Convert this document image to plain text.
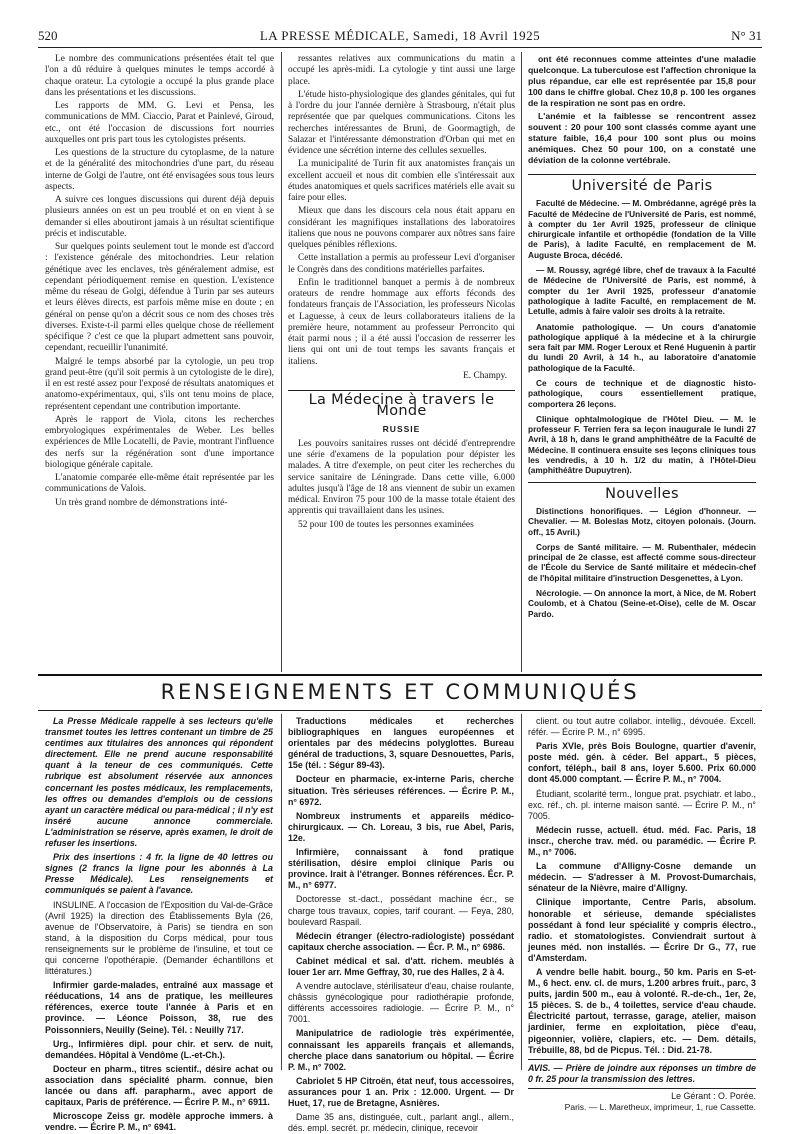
520	LA PRESSE MÉDICALE, Samedi, 18 Avril 1925	N° 31

Le nombre des communications présentées était tel que l'on a dû réduire à quelques minutes le temps accordé à chaque orateur. La cytologie a occupé la plus grande place dans les présentations et les discussions.

Les rapports de MM. G. Levi et Pensa, les communications de MM. Ciaccio, Parat et Painlevé, Giroud, etc., ont été l'occasion de discussions fort nourries auxquelles ont pris part tous les cytologistes présents.

Les questions de la structure du cytoplasme, de la nature et de la généralité des mitochondries d'une part, du réseau interne de Golgi de l'autre, ont été envisagées sous tous leurs aspects.

A suivre ces longues discussions qui durent déjà depuis plusieurs années on est un peu troublé et on en vient à se demander si elles aboutiront jamais à un résultat scientifique précis et indiscutable.

Sur quelques points seulement tout le monde est d'accord : l'existence générale des mitochondries. Leur relation génétique avec les enclaves, très généralement admise, est cependant périodiquement remise en question. L'existence même du réseau de Golgi, défendue à Turin par ses auteurs et leurs élèves directs, est parfois même mise en doute ; en général on pense qu'on a décrit sous ce nom des choses très diverses. Existe-t-il parmi elles quelque chose de réellement spécifique ? c'est ce que la plupart admettent sans pouvoir, cependant, recueillir l'unanimité.

Malgré le temps absorbé par la cytologie, un peu trop grand peut-être (qu'il soit permis à un cytologiste de le dire), il en est resté assez pour l'exposé de résultats anatomiques et anatomo-expérimentaux, qui, s'ils ont tenu moins de place, représentent cependant une contribution importante.

Après le rapport de Viola, citons les recherches embryologiques expérimentales de Weber. Les belles expériences de Mlle Locatelli, de Pavie, montrant l'influence des nerfs sur la régénération sont d'une importance biologique générale capitale.

L'anatomie comparée elle-même était représentée par les communications de Valois.

Un très grand nombre de démonstrations inté-

ressantes relatives aux communications du matin a occupé les après-midi. La cytologie y tint aussi une large place.

L'étude histo-physiologique des glandes génitales, qui fut à l'ordre du jour l'année dernière à Strasbourg, n'était plus représentée que par quelques communications. Citons les recherches intéressantes de Bruni, de Goormagtigh, de Salazar et l'intéressante démonstration d'Orban qui met en évidence une sécrétion interne des cellules sexuelles.

La municipalité de Turin fit aux anatomistes français un excellent accueil et nous dit combien elle s'intéressait aux études anatomiques et quels sacrifices matériels elle avait su faire pour elles.

Mieux que dans les discours cela nous était apparu en considérant les magnifiques installations des laboratoires italiens que nous ne pouvons comparer aux nôtres sans faire quelques pénibles réflexions.

Cette installation a permis au professeur Levi d'organiser le Congrès dans des conditions matérielles parfaites.

Enfin le traditionnel banquet a permis à de nombreux orateurs de rendre hommage aux efforts féconds des fondateurs français de l'Association, les professeurs Nicolas et Laguesse, à ceux de leurs collaborateurs italiens de la première heure, notamment au professeur Perroncito qui était parmi nous ; il a été aussi l'occasion de resserrer les liens qui ont uni de tout temps les savants français et italiens.

E. Champy.
La Médecine à travers le Monde
RUSSIE

Les pouvoirs sanitaires russes ont décidé d'entreprendre une série d'examens de la population pour dépister les malades. A titre d'exemple, on peut citer les recherches du service sanitaire de Léningrade. Dans cette ville, 6.000 adultes jusqu'à l'âge de 18 ans viennent de subir un examen médical. Environ 75 pour 100 de la masse totale étaient des apprentis qui travaillaient dans les usines.

52 pour 100 de toutes les personnes examinées

ont été reconnues comme atteintes d'une maladie quelconque. La tuberculose est l'affection chronique la plus répandue, car elle est représentée par 15,8 pour 100 dans le chiffre global. Chez 10,8 p. 100 les organes de la respiration ne sont pas en ordre.

L'anémie et la faiblesse se rencontrent assez souvent : 20 pour 100 sont classés comme ayant une stature faible, 16,4 pour 100 sont plus ou moins anémiques. Chez 50 pour 100, on a constaté une déviation de la colonne vertébrale.

Université de Paris

Faculté de Médecine. — M. Ombrédanne, agrégé près la Faculté de Médecine de l'Université de Paris, est nommé, à compter du 1er Avril 1925, professeur de clinique chirurgicale infantile et orthopédie (fondation de la Ville de Paris), à ladite Faculté, en remplacement de M. Auguste Broca, décédé.

— M. Roussy, agrégé libre, chef de travaux à la Faculté de Médecine de l'Université de Paris, est nommé, à compter du 1er Avril 1925, professeur d'anatomie pathologique à ladite Faculté, en remplacement de M. Letulle, admis à faire valoir ses droits à la retraite.

Anatomie pathologique. — Un cours d'anatomie pathologique appliqué à la médecine et à la chirurgie sera fait par MM. Roger Leroux et René Huguenin à partir du lundi 20 Avril, à 14 h., au laboratoire d'anatomie pathologique de la Faculté.

Ce cours de technique et de diagnostic histo-pathologique, cours essentiellement pratique, comportera 26 leçons.

Clinique ophtalmologique de l'Hôtel Dieu. — M. le professeur F. Terrien fera sa leçon inaugurale le lundi 27 Avril, à 18 h, dans le grand amphithéâtre de la Faculté de Médecine. Il continuera ensuite ses leçons cliniques tous les vendredis, à 10 h. 1/2 du matin, à l'Hôtel-Dieu (amphithéâtre Dupuytren).

Nouvelles

Distinctions honorifiques. — Légion d'honneur. — Chevalier. — M. Boleslas Motz, citoyen polonais. (Journ. off., 15 Avril.)

Corps de Santé militaire. — M. Rubenthaler, médecin principal de 2e classe, est affecté comme sous-directeur de l'École du Service de Santé militaire et médecin-chef de l'hôpital militaire d'instruction Desgenettes, à Lyon.

Nécrologie. — On annonce la mort, à Nice, de M. Robert Coulomb, et à Chatou (Seine-et-Oise), celle de M. Oscar Pardo.

RENSEIGNEMENTS ET COMMUNIQUÉS

La Presse Médicale rappelle à ses lecteurs qu'elle transmet toutes les lettres contenant un timbre de 25 centimes aux titulaires des annonces qui répondent directement. Elle ne prend aucune responsabilité quant à la teneur de ces communiqués. Cette rubrique est absolument réservée aux annonces concernant les postes médicaux, les remplacements, les offres ou demandes d'emplois ou de cessions ayant un caractère médical ou para-médical ; il n'y est inséré aucune annonce commerciale. L'administration se réserve, après examen, le droit de refuser les insertions.

Prix des insertions : 4 fr. la ligne de 40 lettres ou signes (2 francs la ligne pour les abonnés à La Presse Médicale). Les renseignements et communiqués se paient à l'avance.

INSULINE. A l'occasion de l'Exposition du Val-de-Grâce (Avril 1925) la direction des Établissements Byla (26, avenue de l'Observatoire, à Paris) se tiendra en son stand, à la disposition du Corps médical, pour tous renseignements sur le problème de l'insuline, et tout ce qui concerne l'opothérapie. (Demander échantillons et littératures.)

Infirmier garde-malades, entraîné aux massage et rééducations, 14 ans de pratique, les meilleures références, exerce toute l'année à Paris et en province. — Léonce Poisson, 38, rue des Poissonniers, Neuilly (Seine). Tél. : Neuilly 717.

Urg., Infirmières dipl. pour chir. et serv. de nuit, demandées. Hôpital à Vendôme (L.-et-Ch.).

Docteur en pharm., titres scientif., désire achat ou association dans spécialité pharm. connue, bien lancée ou dans aff. parapharm., avec apport de capitaux, Paris de préférence. — Écrire P. M., n° 6911.

Microscope Zeiss gr. modèle approche immers. à vendre. — Écrire P. M., n° 6941.

Traductions médicales et recherches bibliographiques en langues européennes et orientales par des médecins polyglottes. Bureau général de traductions, 3, square Desnouettes, Paris, 15e (tél. : Ségur 89-43).

Docteur en pharmacie, ex-interne Paris, cherche situation. Très sérieuses références. — Écrire P. M., n° 6972.

Nombreux instruments et appareils médico-chirurgicaux. — Ch. Loreau, 3 bis, rue Abel, Paris, 12e.

Infirmière, connaissant à fond pratique stérilisation, désire emploi clinique Paris ou province. Irait à l'étranger. Bonnes références. Écr. P. M., n° 6977.

Doctoresse st.-dact., possédant machine écr., se charge tous travaux, copies, tarif courant. — Feya, 280, boulevard Raspail.

Médecin étranger (électro-radiologiste) possédant capitaux cherche association. — Écr. P. M., n° 6986.

Cabinet médical et sal. d'att. richem. meublés à louer 1er arr. Mme Geffray, 30, rue des Halles, 2 à 4.

A vendre autoclave, stérilisateur d'eau, chaise roulante, châssis gynécologique pour radiothérapie profonde, différents accessoires radiologie. — Écrire P. M., n° 7001.

Manipulatrice de radiologie très expérimentée, connaissant les appareils français et allemands, cherche place dans sanatorium ou hôpital. — Écrire P. M., n° 7002.

Cabriolet 5 HP Citroën, état neuf, tous accessoires, assurances pour 1 an. Prix : 12.000. Urgent. — Dr Huet, 17, rue de Bretagne, Asnières.

Dame 35 ans, distinguée, cult., parlant angl., allem., dés. empl. secrét. pr. médecin, clinique, recevoir

client. ou tout autre collabor. intellig., dévouée. Excell. référ. — Écrire P. M., n° 6995.

Paris XVIe, près Bois Boulogne, quartier d'avenir, poste méd. gén. à céder. Bel appart., 5 pièces, confort, téléph., bail 8 ans, loyer 5.600. Prix 60.000 dont 45.000 comptant. — Écrire P. M., n° 7004.

Étudiant, scolarité term., longue prat. psychiatr. et labo., exc. réf., ch. pl. interne maison santé. — Écrire P. M., n° 7005.

Médecin russe, actuell. étud. méd. Fac. Paris, 18 inscr., cherche trav. méd. ou paramédic. — Écrire P. M., n° 7006.

La commune d'Alligny-Cosne demande un médecin. — S'adresser à M. Provost-Dumarchais, sénateur de la Nièvre, maire d'Alligny.

Clinique importante, Centre Paris, absolum. honorable et sérieuse, demande spécialistes possédant à fond leur spécialité y compris électro., radio. et stomatologistes. Conviendrait surtout à jeunes méd. non installés. — Écrire Dr G., 77, rue d'Amsterdam.

A vendre belle habit. bourg., 50 km. Paris en S-et-M., 6 hect. env. cl. de murs, 1.200 arbres fruit., parc, 3 puits, jardin 500 m., eau à volonté. R.-de-ch., 1er, 2e, 15 pièces. S. de b., 4 toilettes, service d'eau chaude. Électricité partout, terrasse, garage, atelier, maison jardinier, ferme en exploitation, pièce d'eau, pigeonnier, volière, clapiers, etc. — Dem. détails, Trébuille, 88, bd de Picpus. Tél. : Did. 21-78.

AVIS. — Prière de joindre aux réponses un timbre de 0 fr. 25 pour la transmission des lettres.

Le Gérant : O. Porée.
Paris. — L. Maretheux, imprimeur, 1, rue Cassette.
